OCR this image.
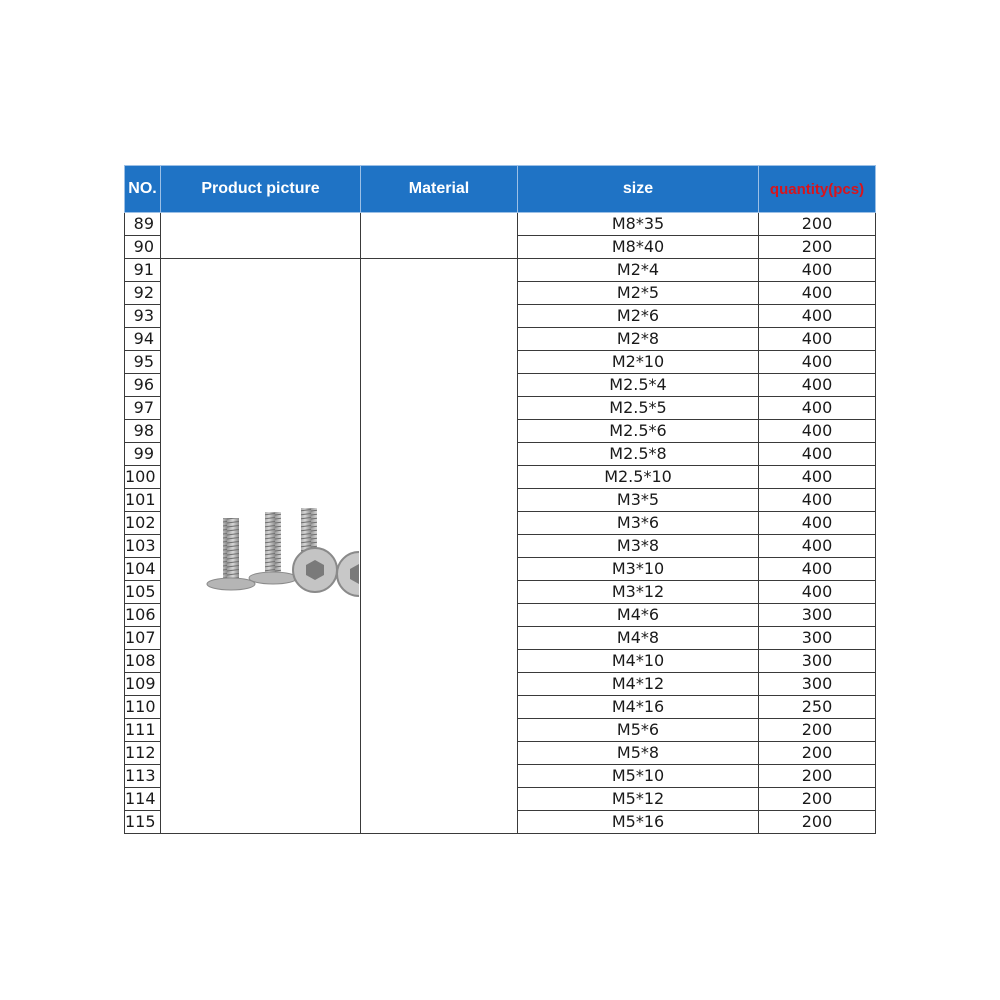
NO.	Product picture	Material	size	quantity(pcs)
89			M8*35	200
90			M8*40	200
91			M2*4	400
92			M2*5	400
93			M2*6	400
94			M2*8	400
95			M2*10	400
96			M2.5*4	400
97			M2.5*5	400
98			M2.5*6	400
99			M2.5*8	400
100			M2.5*10	400
101			M3*5	400
102			M3*6	400
103			M3*8	400
104			M3*10	400
105			M3*12	400
106			M4*6	300
107			M4*8	300
108			M4*10	300
109			M4*12	300
110			M4*16	250
111			M5*6	200
112			M5*8	200
113			M5*10	200
114			M5*12	200
115			M5*16	200
